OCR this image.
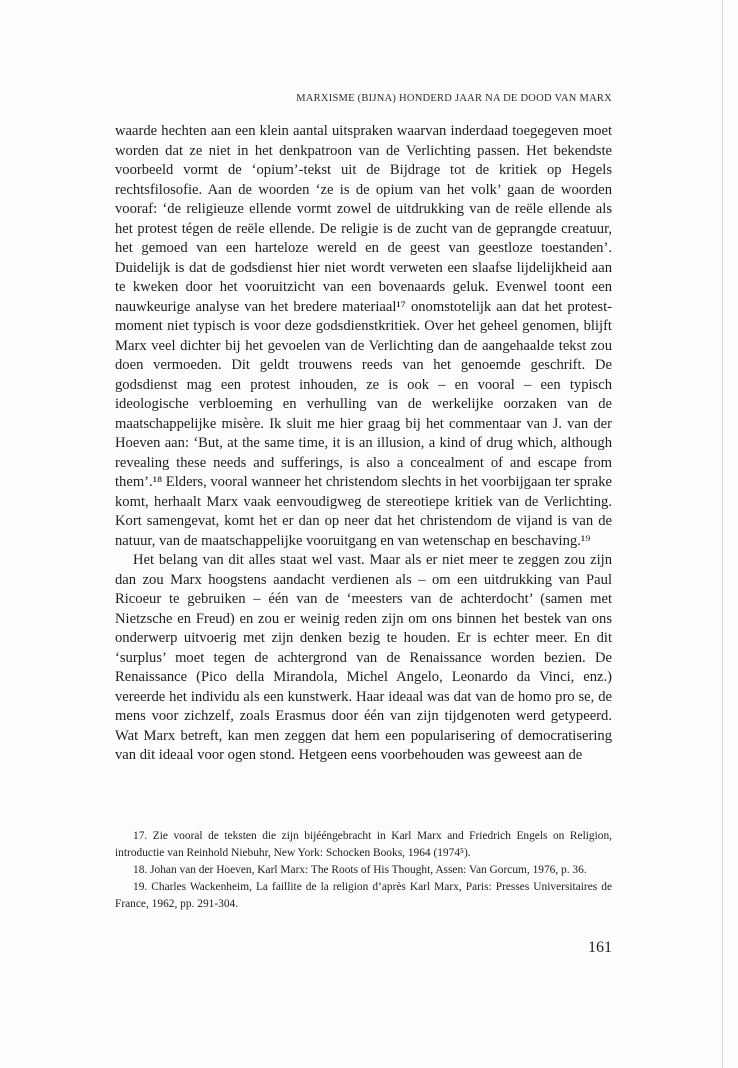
MARXISME (BIJNA) HONDERD JAAR NA DE DOOD VAN MARX

waarde hechten aan een klein aantal uitspraken waarvan inderdaad toegegeven moet worden dat ze niet in het denkpatroon van de Verlichting passen. Het bekendste voorbeeld vormt de ‘opium’-tekst uit de Bijdrage tot de kritiek op Hegels rechtsfilosofie. Aan de woorden ‘ze is de opium van het volk’ gaan de woorden vooraf: ‘de religieuze ellende vormt zowel de uitdrukking van de reële ellende als het protest tégen de reële ellende. De religie is de zucht van de geprangde creatuur, het gemoed van een harteloze wereld en de geest van geestloze toestanden’. Duidelijk is dat de godsdienst hier niet wordt verweten een slaafse lijdelijkheid aan te kweken door het vooruitzicht van een bovenaards geluk. Evenwel toont een nauwkeurige analyse van het bredere materiaal¹⁷ onomstotelijk aan dat het protest-moment niet typisch is voor deze godsdienstkritiek. Over het geheel genomen, blijft Marx veel dichter bij het gevoelen van de Verlichting dan de aangehaalde tekst zou doen vermoeden. Dit geldt trouwens reeds van het genoemde geschrift. De godsdienst mag een protest inhouden, ze is ook – en vooral – een typisch ideologische verbloeming en verhulling van de werkelijke oorzaken van de maatschappelijke misère. Ik sluit me hier graag bij het commentaar van J. van der Hoeven aan: ‘But, at the same time, it is an illusion, a kind of drug which, although revealing these needs and sufferings, is also a concealment of and escape from them’.¹⁸ Elders, vooral wanneer het christendom slechts in het voorbijgaan ter sprake komt, herhaalt Marx vaak eenvoudigweg de stereotiepe kritiek van de Verlichting. Kort samengevat, komt het er dan op neer dat het christendom de vijand is van de natuur, van de maatschappelijke vooruitgang en van wetenschap en beschaving.¹⁹

Het belang van dit alles staat wel vast. Maar als er niet meer te zeggen zou zijn dan zou Marx hoogstens aandacht verdienen als – om een uitdrukking van Paul Ricoeur te gebruiken – één van de ‘meesters van de achterdocht’ (samen met Nietzsche en Freud) en zou er weinig reden zijn om ons binnen het bestek van ons onderwerp uitvoerig met zijn denken bezig te houden. Er is echter meer. En dit ‘surplus’ moet tegen de achtergrond van de Renaissance worden bezien. De Renaissance (Pico della Mirandola, Michel Angelo, Leonardo da Vinci, enz.) vereerde het individu als een kunstwerk. Haar ideaal was dat van de homo pro se, de mens voor zichzelf, zoals Erasmus door één van zijn tijdgenoten werd getypeerd. Wat Marx betreft, kan men zeggen dat hem een popularisering of democratisering van dit ideaal voor ogen stond. Hetgeen eens voorbehouden was geweest aan de

17. Zie vooral de teksten die zijn bijééngebracht in Karl Marx and Friedrich Engels on Religion, introductie van Reinhold Niebuhr, New York: Schocken Books, 1964 (1974⁵).

18. Johan van der Hoeven, Karl Marx: The Roots of His Thought, Assen: Van Gorcum, 1976, p. 36.

19. Charles Wackenheim, La faillite de la religion d’après Karl Marx, Paris: Presses Universitaires de France, 1962, pp. 291-304.

161
